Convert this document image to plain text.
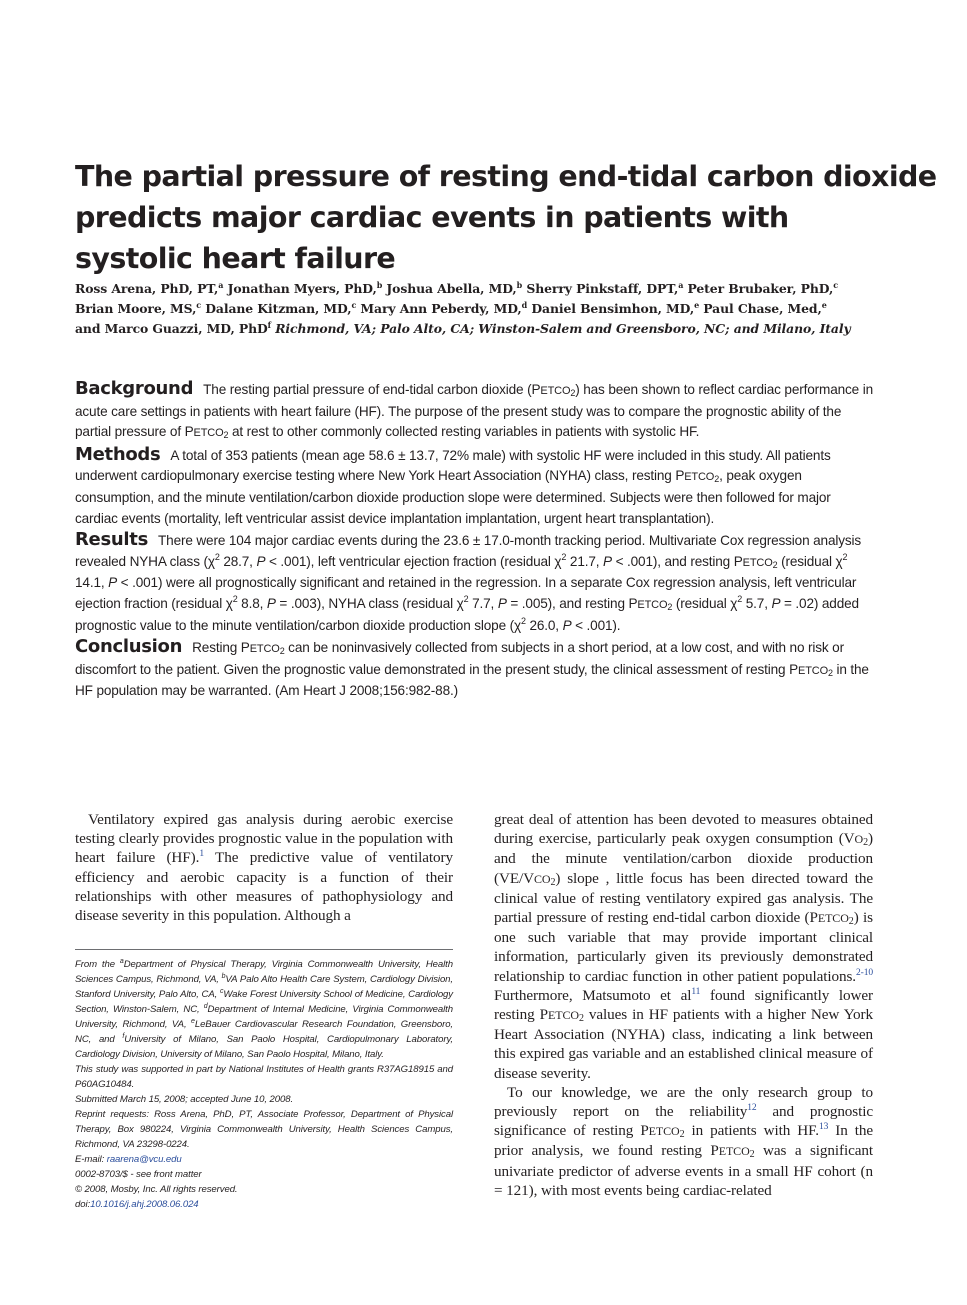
The partial pressure of resting end-tidal carbon dioxide
predicts major cardiac events in patients with
systolic heart failure
Ross Arena, PhD, PT,$^a$ Jonathan Myers, PhD,$^b$ Joshua Abella, MD,$^b$ Sherry Pinkstaff, DPT,$^a$ Peter Brubaker, PhD,$^c$
Brian Moore, MS,$^c$ Dalane Kitzman, MD,$^c$ Mary Ann Peberdy, MD,$^d$ Daniel Bensimhon, MD,$^e$ Paul Chase, Med,$^e$
and Marco Guazzi, MD, PhD$^f$ Richmond, VA; Palo Alto, CA; Winston-Salem and Greensboro, NC; and Milano, Italy

Background The resting partial pressure of end-tidal carbon dioxide $(PETCO_2)$ has been shown to reflect cardiac performance in acute care settings in patients with heart failure (HF). The purpose of the present study was to compare the prognostic ability of the partial pressure of $PETCO_2$ at rest to other commonly collected resting variables in patients with systolic HF.

Methods A total of 353 patients (mean age 58.6 ± 13.7, 72% male) with systolic HF were included in this study. All patients underwent cardiopulmonary exercise testing where New York Heart Association (NYHA) class, resting $PETCO_2$, peak oxygen consumption, and the minute ventilation/carbon dioxide production slope were determined. Subjects were then followed for major cardiac events (mortality, left ventricular assist device implantation implantation, urgent heart transplantation).

Results There were 104 major cardiac events during the 23.6 ± 17.0-month tracking period. Multivariate Cox regression analysis revealed NYHA class ($\chi^2$ 28.7, P < .001), left ventricular ejection fraction (residual $\chi^2$ 21.7, P < .001), and resting $PETCO_2$ (residual $\chi^2$ 14.1, P < .001) were all prognostically significant and retained in the regression. In a separate Cox regression analysis, left ventricular ejection fraction (residual $\chi^2$ 8.8, P = .003), NYHA class (residual $\chi^2$ 7.7, P = .005), and resting $PETCO_2$ (residual $\chi^2$ 5.7, P = .02) added prognostic value to the minute ventilation/carbon dioxide production slope ($\chi^2$ 26.0, P < .001).

Conclusion Resting $PETCO_2$ can be noninvasively collected from subjects in a short period, at a low cost, and with no risk or discomfort to the patient. Given the prognostic value demonstrated in the present study, the clinical assessment of resting $PETCO_2$ in the HF population may be warranted. (Am Heart J 2008;156:982-88.)

Ventilatory expired gas analysis during aerobic exercise testing clearly provides prognostic value in the population with heart failure (HF).$^1$ The predictive value of ventilatory efficiency and aerobic capacity is a function of their relationships with other measures of pathophysiology and disease severity in this population. Although a

From the $^a$Department of Physical Therapy, Virginia Commonwealth University, Health Sciences Campus, Richmond, VA, $^b$VA Palo Alto Health Care System, Cardiology Division, Stanford University, Palo Alto, CA, $^c$Wake Forest University School of Medicine, Cardiology Section, Winston-Salem, NC, $^d$Department of Internal Medicine, Virginia Commonwealth University, Richmond, VA, $^e$LeBauer Cardiovascular Research Foundation, Greensboro, NC, and $^f$University of Milano, San Paolo Hospital, Cardiopulmonary Laboratory, Cardiology Division, University of Milano, San Paolo Hospital, Milano, Italy.

This study was supported in part by National Institutes of Health grants R37AG18915 and P60AG10484.

Submitted March 15, 2008; accepted June 10, 2008.

Reprint requests: Ross Arena, PhD, PT, Associate Professor, Department of Physical Therapy, Box 980224, Virginia Commonwealth University, Health Sciences Campus, Richmond, VA 23298-0224.

E-mail: raarena@vcu.edu

0002-8703/$ - see front matter

© 2008, Mosby, Inc. All rights reserved.

doi:10.1016/j.ahj.2008.06.024

great deal of attention has been devoted to measures obtained during exercise, particularly peak oxygen consumption $(VO_2)$ and the minute ventilation/carbon dioxide production $(VE/VCO_2)$ slope , little focus has been directed toward the clinical value of resting ventilatory expired gas analysis. The partial pressure of resting end-tidal carbon dioxide $(PETCO_2)$ is one such variable that may provide important clinical information, particularly given its previously demonstrated relationship to cardiac function in other patient populations.$^{2-10}$ Furthermore, Matsumoto et $al^{11}$ found significantly lower resting $PETCO_2$ values in HF patients with a higher New York Heart Association (NYHA) class, indicating a link between this expired gas variable and an established clinical measure of disease severity.

To our knowledge, we are the only research group to previously report on the reliability$^{12}$ and prognostic significance of resting $PETCO_2$ in patients with HF.$^{13}$ In the prior analysis, we found resting $PETCO_2$ was a significant univariate predictor of adverse events in a small HF cohort (n = 121), with most events being cardiac-related
